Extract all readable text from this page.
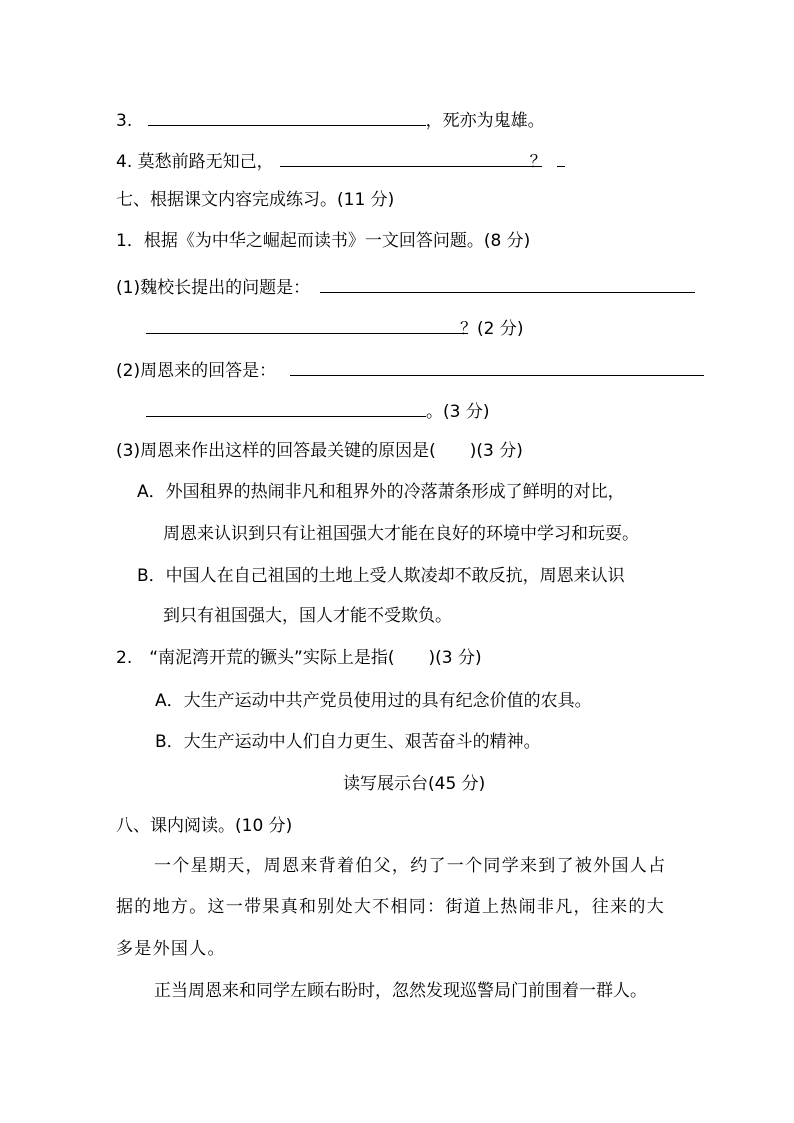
3.	，死亦为鬼雄。
4. 莫愁前路无知己，	？
七、根据课文内容完成练习。(11 分)
1．根据《为中华之崛起而读书》一文回答问题。(8 分)
(1)魏校长提出的问题是：
？(2 分)
(2)周恩来的回答是：
。(3 分)
(3)周恩来作出这样的回答最关键的原因是(　　)(3 分)
A．外国租界的热闹非凡和租界外的冷落萧条形成了鲜明的对比，
周恩来认识到只有让祖国强大才能在良好的环境中学习和玩耍。
B．中国人在自己祖国的土地上受人欺凌却不敢反抗，周恩来认识
到只有祖国强大，国人才能不受欺负。
2.　“南泥湾开荒的镢头”实际上是指(　　)(3 分)
A．大生产运动中共产党员使用过的具有纪念价值的农具。
B．大生产运动中人们自力更生、艰苦奋斗的精神。
读写展示台(45 分)
八、课内阅读。(10 分)
一个星期天，周恩来背着伯父，约了一个同学来到了被外国人占
据的地方。这一带果真和别处大不相同：街道上热闹非凡，往来的大
多是外国人。
正当周恩来和同学左顾右盼时，忽然发现巡警局门前围着一群人。
